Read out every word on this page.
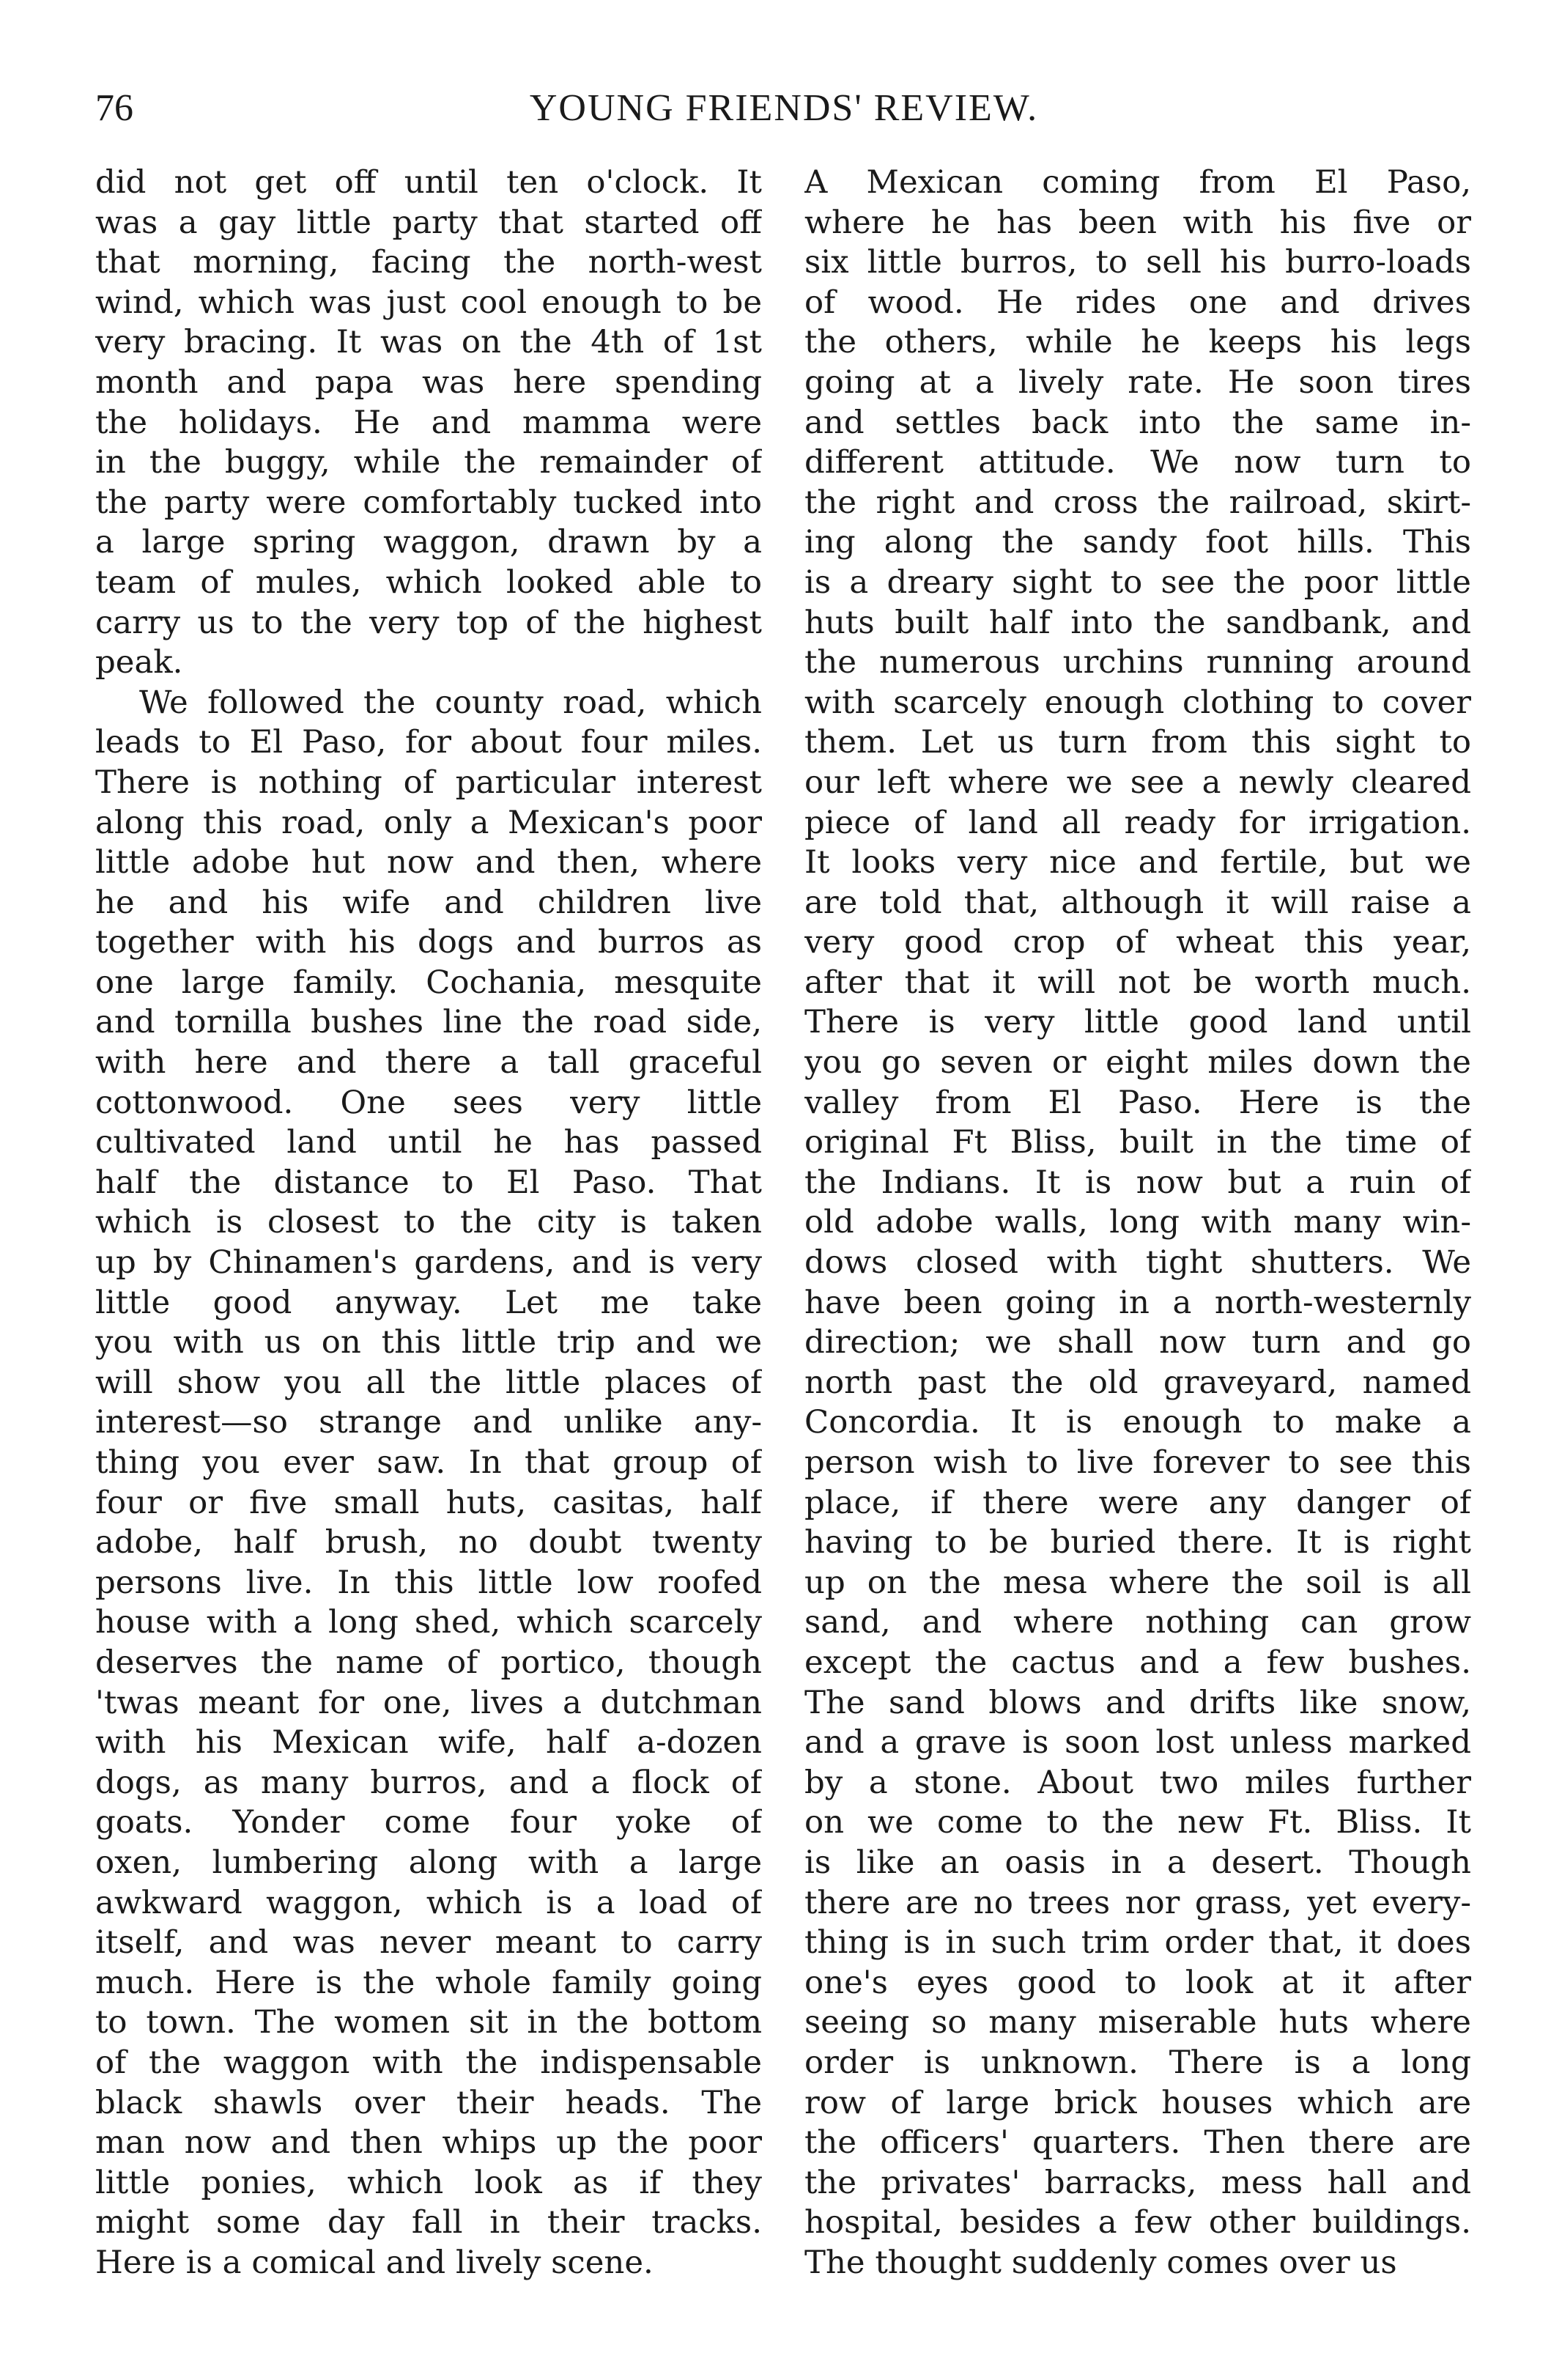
76	YOUNG FRIENDS' REVIEW.
did not get off until ten o'clock. It
was a gay little party that started off
that morning, facing the north-west
wind, which was just cool enough to be
very bracing. It was on the 4th of 1st
month and papa was here spending
the holidays. He and mamma were
in the buggy, while the remainder of
the party were comfortably tucked into
a large spring waggon, drawn by a
team of mules, which looked able to
carry us to the very top of the highest
peak.
We followed the county road, which
leads to El Paso, for about four miles.
There is nothing of particular interest
along this road, only a Mexican's poor
little adobe hut now and then, where
he and his wife and children live
together with his dogs and burros as
one large family. Cochania, mesquite
and tornilla bushes line the road side,
with here and there a tall graceful
cottonwood. One sees very little
cultivated land until he has passed
half the distance to El Paso. That
which is closest to the city is taken
up by Chinamen's gardens, and is very
little good anyway. Let me take
you with us on this little trip and we
will show you all the little places of
interest—so strange and unlike any-
thing you ever saw. In that group of
four or five small huts, casitas, half
adobe, half brush, no doubt twenty
persons live. In this little low roofed
house with a long shed, which scarcely
deserves the name of portico, though
'twas meant for one, lives a dutchman
with his Mexican wife, half a-dozen
dogs, as many burros, and a flock of
goats. Yonder come four yoke of
oxen, lumbering along with a large
awkward waggon, which is a load of
itself, and was never meant to carry
much. Here is the whole family going
to town. The women sit in the bottom
of the waggon with the indispensable
black shawls over their heads. The
man now and then whips up the poor
little ponies, which look as if they
might some day fall in their tracks.
Here is a comical and lively scene.
A Mexican coming from El Paso,
where he has been with his five or
six little burros, to sell his burro-loads
of wood. He rides one and drives
the others, while he keeps his legs
going at a lively rate. He soon tires
and settles back into the same in-
different attitude. We now turn to
the right and cross the railroad, skirt-
ing along the sandy foot hills. This
is a dreary sight to see the poor little
huts built half into the sandbank, and
the numerous urchins running around
with scarcely enough clothing to cover
them. Let us turn from this sight to
our left where we see a newly cleared
piece of land all ready for irrigation.
It looks very nice and fertile, but we
are told that, although it will raise a
very good crop of wheat this year,
after that it will not be worth much.
There is very little good land until
you go seven or eight miles down the
valley from El Paso. Here is the
original Ft Bliss, built in the time of
the Indians. It is now but a ruin of
old adobe walls, long with many win-
dows closed with tight shutters. We
have been going in a north-westernly
direction; we shall now turn and go
north past the old graveyard, named
Concordia. It is enough to make a
person wish to live forever to see this
place, if there were any danger of
having to be buried there. It is right
up on the mesa where the soil is all
sand, and where nothing can grow
except the cactus and a few bushes.
The sand blows and drifts like snow,
and a grave is soon lost unless marked
by a stone. About two miles further
on we come to the new Ft. Bliss. It
is like an oasis in a desert. Though
there are no trees nor grass, yet every-
thing is in such trim order that, it does
one's eyes good to look at it after
seeing so many miserable huts where
order is unknown. There is a long
row of large brick houses which are
the officers' quarters. Then there are
the privates' barracks, mess hall and
hospital, besides a few other buildings.
The thought suddenly comes over us
